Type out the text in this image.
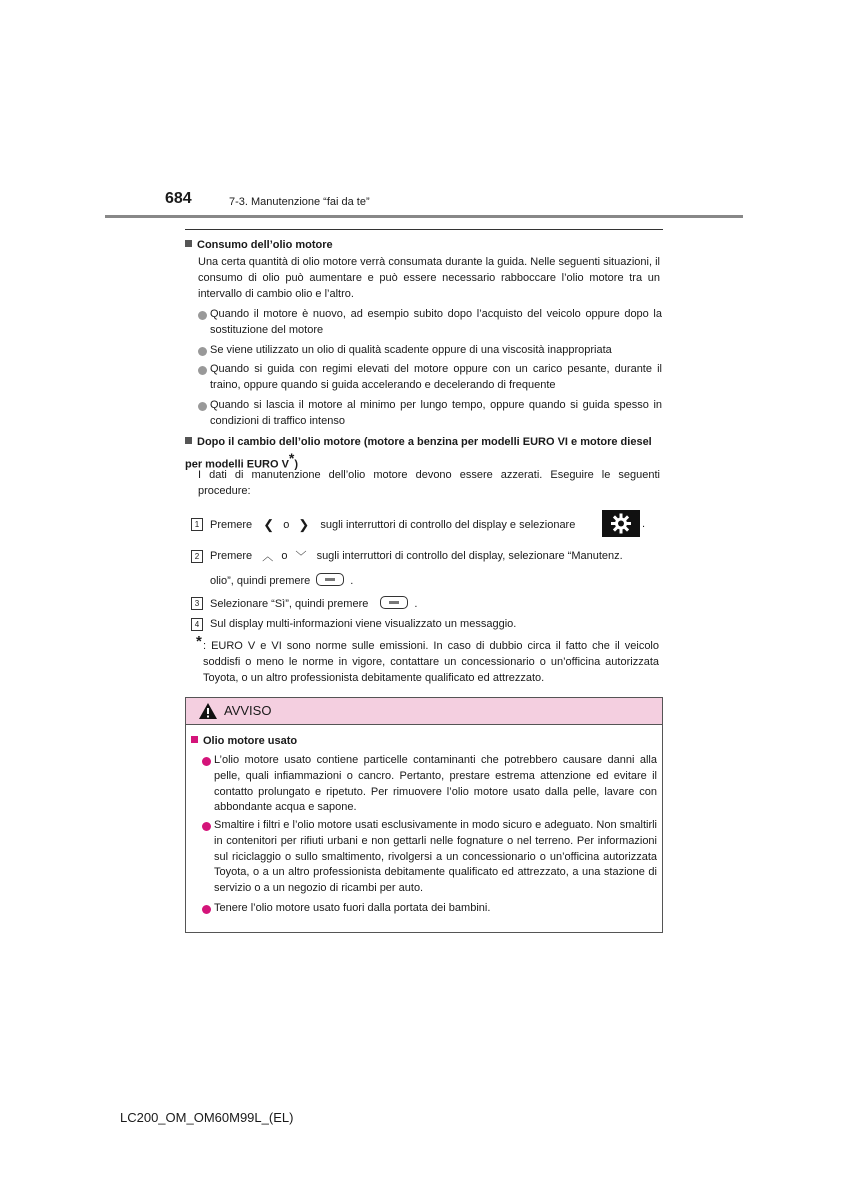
684	7-3. Manutenzione “fai da te”
Consumo dell’olio motore
Una certa quantità di olio motore verrà consumata durante la guida. Nelle seguenti situazioni, il consumo di olio può aumentare e può essere necessario rabboccare l’olio motore tra un intervallo di cambio olio e l’altro.
Quando il motore è nuovo, ad esempio subito dopo l’acquisto del veicolo oppure dopo la sostituzione del motore
Se viene utilizzato un olio di qualità scadente oppure di una viscosità inappropriata
Quando si guida con regimi elevati del motore oppure con un carico pesante, durante il traino, oppure quando si guida accelerando e decelerando di frequente
Quando si lascia il motore al minimo per lungo tempo, oppure quando si guida spesso in condizioni di traffico intenso
Dopo il cambio dell’olio motore (motore a benzina per modelli EURO VI e motore diesel per modelli EURO V*)
I dati di manutenzione dell’olio motore devono essere azzerati. Eseguire le seguenti procedure:
1 Premere ❮ o ❯ sugli interruttori di controllo del display e selezionare	.
2 Premere ︿ o ﹀ sugli interruttori di controllo del display, selezionare “Manutenz.
olio”, quindi premere	.
3 Selezionare “Sì”, quindi premere	.
4 Sul display multi-informazioni viene visualizzato un messaggio.
* : EURO V e VI sono norme sulle emissioni. In caso di dubbio circa il fatto che il veicolo soddisfi o meno le norme in vigore, contattare un concessionario o un’officina autorizzata Toyota, o un altro professionista debitamente qualificato ed attrezzato.
AVVISO
Olio motore usato
L’olio motore usato contiene particelle contaminanti che potrebbero causare danni alla pelle, quali infiammazioni o cancro. Pertanto, prestare estrema attenzione ed evitare il contatto prolungato e ripetuto. Per rimuovere l’olio motore usato dalla pelle, lavare con abbondante acqua e sapone.
Smaltire i filtri e l’olio motore usati esclusivamente in modo sicuro e adeguato. Non smaltirli in contenitori per rifiuti urbani e non gettarli nelle fognature o nel terreno. Per informazioni sul riciclaggio o sullo smaltimento, rivolgersi a un concessionario o un’officina autorizzata Toyota, o a un altro professionista debitamente qualificato ed attrezzato, a una stazione di servizio o a un negozio di ricambi per auto.
Tenere l’olio motore usato fuori dalla portata dei bambini.
LC200_OM_OM60M99L_(EL)
